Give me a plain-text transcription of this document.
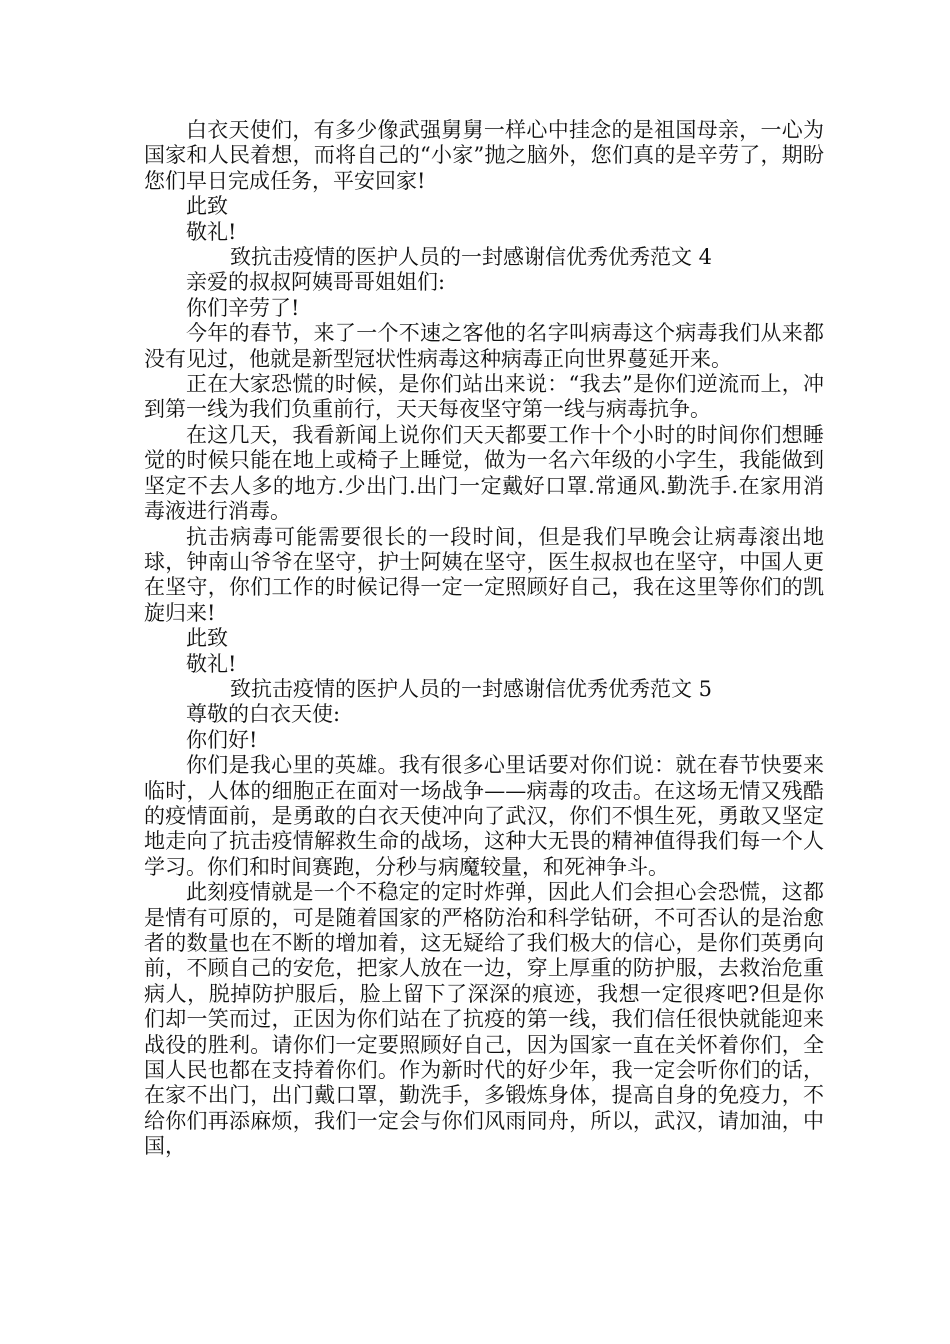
白衣天使们，有多少像武强舅舅一样心中挂念的是祖国母亲，一心为国家和人民着想，而将自己的“小家”抛之脑外，您们真的是辛劳了，期盼您们早日完成任务，平安回家!

此致

敬礼!

致抗击疫情的医护人员的一封感谢信优秀优秀范文 4

亲爱的叔叔阿姨哥哥姐姐们:

你们辛劳了!

今年的春节，来了一个不速之客他的名字叫病毒这个病毒我们从来都没有见过，他就是新型冠状性病毒这种病毒正向世界蔓延开来。

正在大家恐慌的时候，是你们站出来说：“我去”是你们逆流而上，冲到第一线为我们负重前行，天天每夜坚守第一线与病毒抗争。

在这几天，我看新闻上说你们天天都要工作十个小时的时间你们想睡觉的时候只能在地上或椅子上睡觉，做为一名六年级的小字生，我能做到坚定不去人多的地方.少出门.出门一定戴好口罩.常通风.勤洗手.在家用消毒液进行消毒。

抗击病毒可能需要很长的一段时间，但是我们早晚会让病毒滚出地球，钟南山爷爷在坚守，护士阿姨在坚守，医生叔叔也在坚守，中国人更在坚守，你们工作的时候记得一定一定照顾好自己，我在这里等你们的凯旋归来!

此致

敬礼!

致抗击疫情的医护人员的一封感谢信优秀优秀范文 5

尊敬的白衣天使:

你们好!

你们是我心里的英雄。我有很多心里话要对你们说：就在春节快要来临时，人体的细胞正在面对一场战争——病毒的攻击。在这场无情又残酷的疫情面前，是勇敢的白衣天使冲向了武汉，你们不惧生死，勇敢又坚定地走向了抗击疫情解救生命的战场，这种大无畏的精神值得我们每一个人学习。你们和时间赛跑，分秒与病魔较量，和死神争斗。

此刻疫情就是一个不稳定的定时炸弹，因此人们会担心会恐慌，这都是情有可原的，可是随着国家的严格防治和科学钻研，不可否认的是治愈者的数量也在不断的增加着，这无疑给了我们极大的信心，是你们英勇向前，不顾自己的安危，把家人放在一边，穿上厚重的防护服，去救治危重病人，脱掉防护服后，脸上留下了深深的痕迹，我想一定很疼吧?但是你们却一笑而过，正因为你们站在了抗疫的第一线，我们信任很快就能迎来战役的胜利。请你们一定要照顾好自己，因为国家一直在关怀着你们，全国人民也都在支持着你们。作为新时代的好少年，我一定会听你们的话，在家不出门，出门戴口罩，勤洗手，多锻炼身体，提高自身的免疫力，不给你们再添麻烦，我们一定会与你们风雨同舟，所以，武汉，请加油，中国，
